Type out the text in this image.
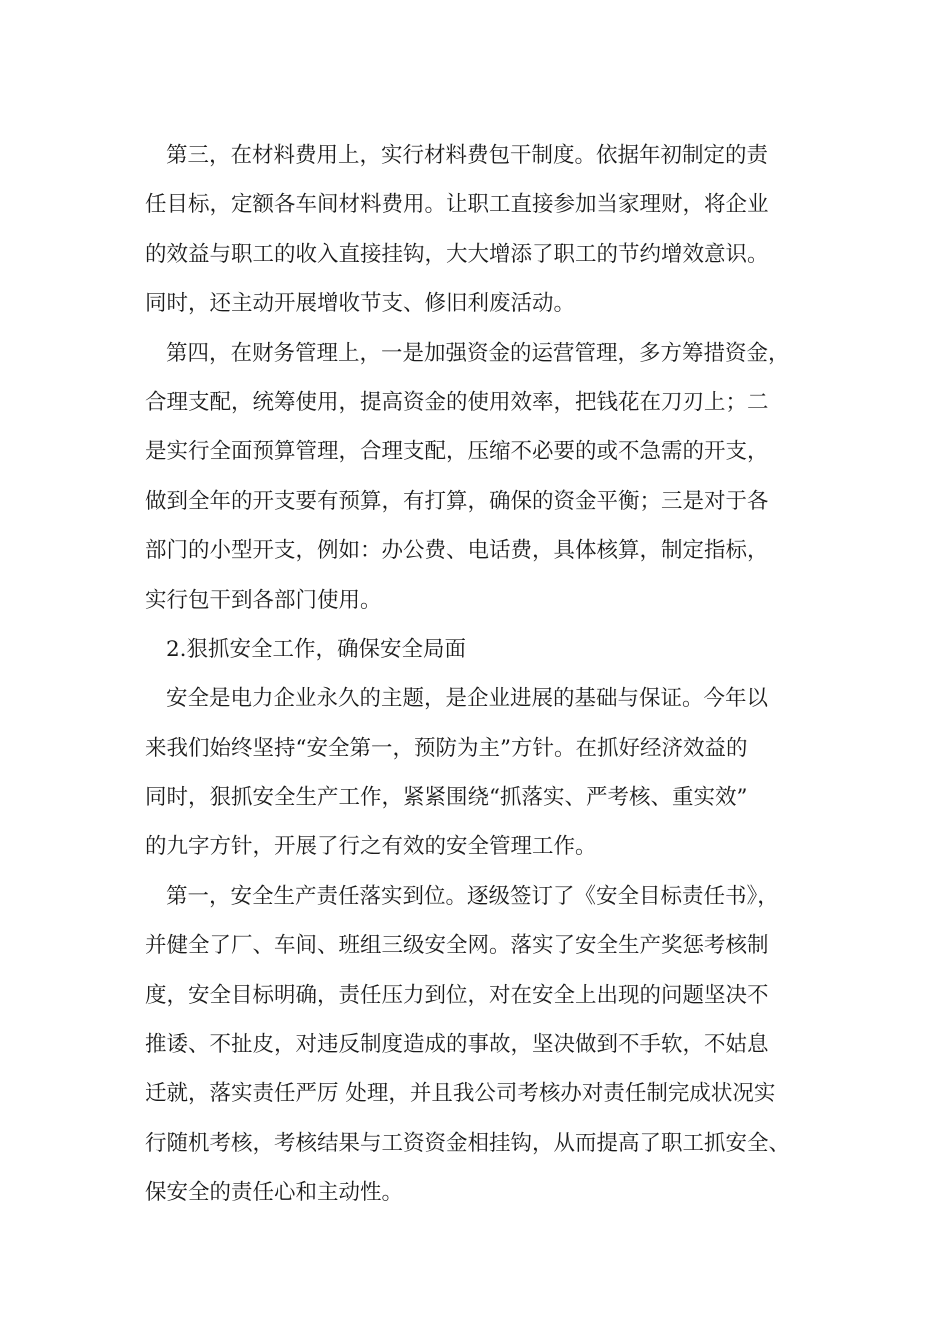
第三，在材料费用上，实行材料费包干制度。依据年初制定的责
任目标，定额各车间材料费用。让职工直接参加当家理财，将企业
的效益与职工的收入直接挂钩，大大增添了职工的节约增效意识。
同时，还主动开展增收节支、修旧利废活动。
第四，在财务管理上，一是加强资金的运营管理，多方筹措资金，
合理支配，统筹使用，提高资金的使用效率，把钱花在刀刃上；二
是实行全面预算管理，合理支配，压缩不必要的或不急需的开支，
做到全年的开支要有预算，有打算，确保的资金平衡；三是对于各
部门的小型开支，例如：办公费、电话费，具体核算，制定指标，
实行包干到各部门使用。
2.狠抓安全工作，确保安全局面
安全是电力企业永久的主题，是企业进展的基础与保证。今年以
来我们始终坚持“安全第一，预防为主”方针。在抓好经济效益的
同时，狠抓安全生产工作，紧紧围绕“抓落实、严考核、重实效”
的九字方针，开展了行之有效的安全管理工作。
第一，安全生产责任落实到位。逐级签订了《安全目标责任书》，
并健全了厂、车间、班组三级安全网。落实了安全生产奖惩考核制
度，安全目标明确，责任压力到位，对在安全上出现的问题坚决不
推诿、不扯皮，对违反制度造成的事故，坚决做到不手软，不姑息
迁就，落实责任严厉 处理，并且我公司考核办对责任制完成状况实
行随机考核，考核结果与工资资金相挂钩，从而提高了职工抓安全、
保安全的责任心和主动性。
